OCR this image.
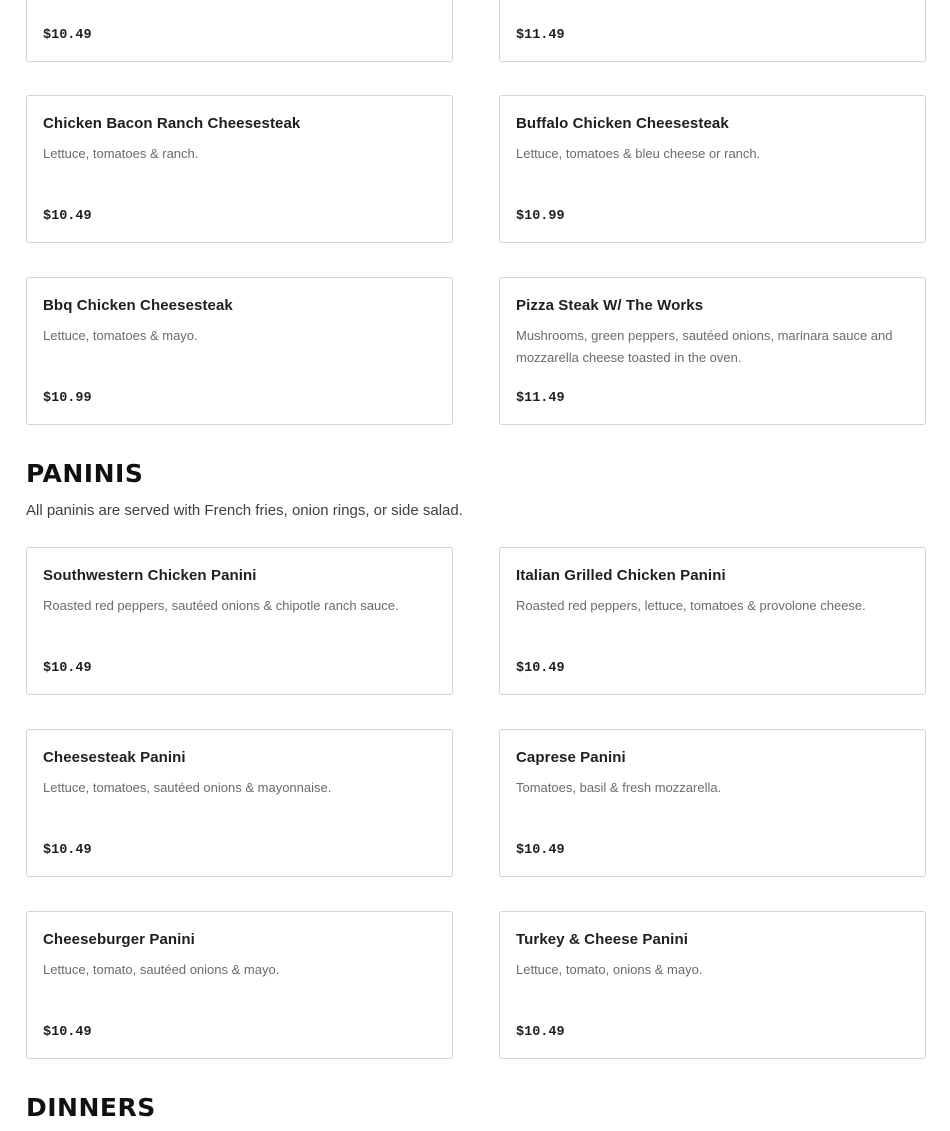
$10.49	$11.49
Chicken Bacon Ranch Cheesesteak
Lettuce, tomatoes & ranch.
$10.49
Buffalo Chicken Cheesesteak
Lettuce, tomatoes & bleu cheese or ranch.
$10.99
Bbq Chicken Cheesesteak
Lettuce, tomatoes & mayo.
$10.99
Pizza Steak W/ The Works
Mushrooms, green peppers, sautéed onions, marinara sauce and mozzarella cheese toasted in the oven.
$11.49
PANINIS

All paninis are served with French fries, onion rings, or side salad.

Southwestern Chicken Panini
Roasted red peppers, sautéed onions & chipotle ranch sauce.
$10.49
Italian Grilled Chicken Panini
Roasted red peppers, lettuce, tomatoes & provolone cheese.
$10.49
Cheesesteak Panini
Lettuce, tomatoes, sautéed onions & mayonnaise.
$10.49
Caprese Panini
Tomatoes, basil & fresh mozzarella.
$10.49
Cheeseburger Panini
Lettuce, tomato, sautéed onions & mayo.
$10.49
Turkey & Cheese Panini
Lettuce, tomato, onions & mayo.
$10.49
DINNERS
